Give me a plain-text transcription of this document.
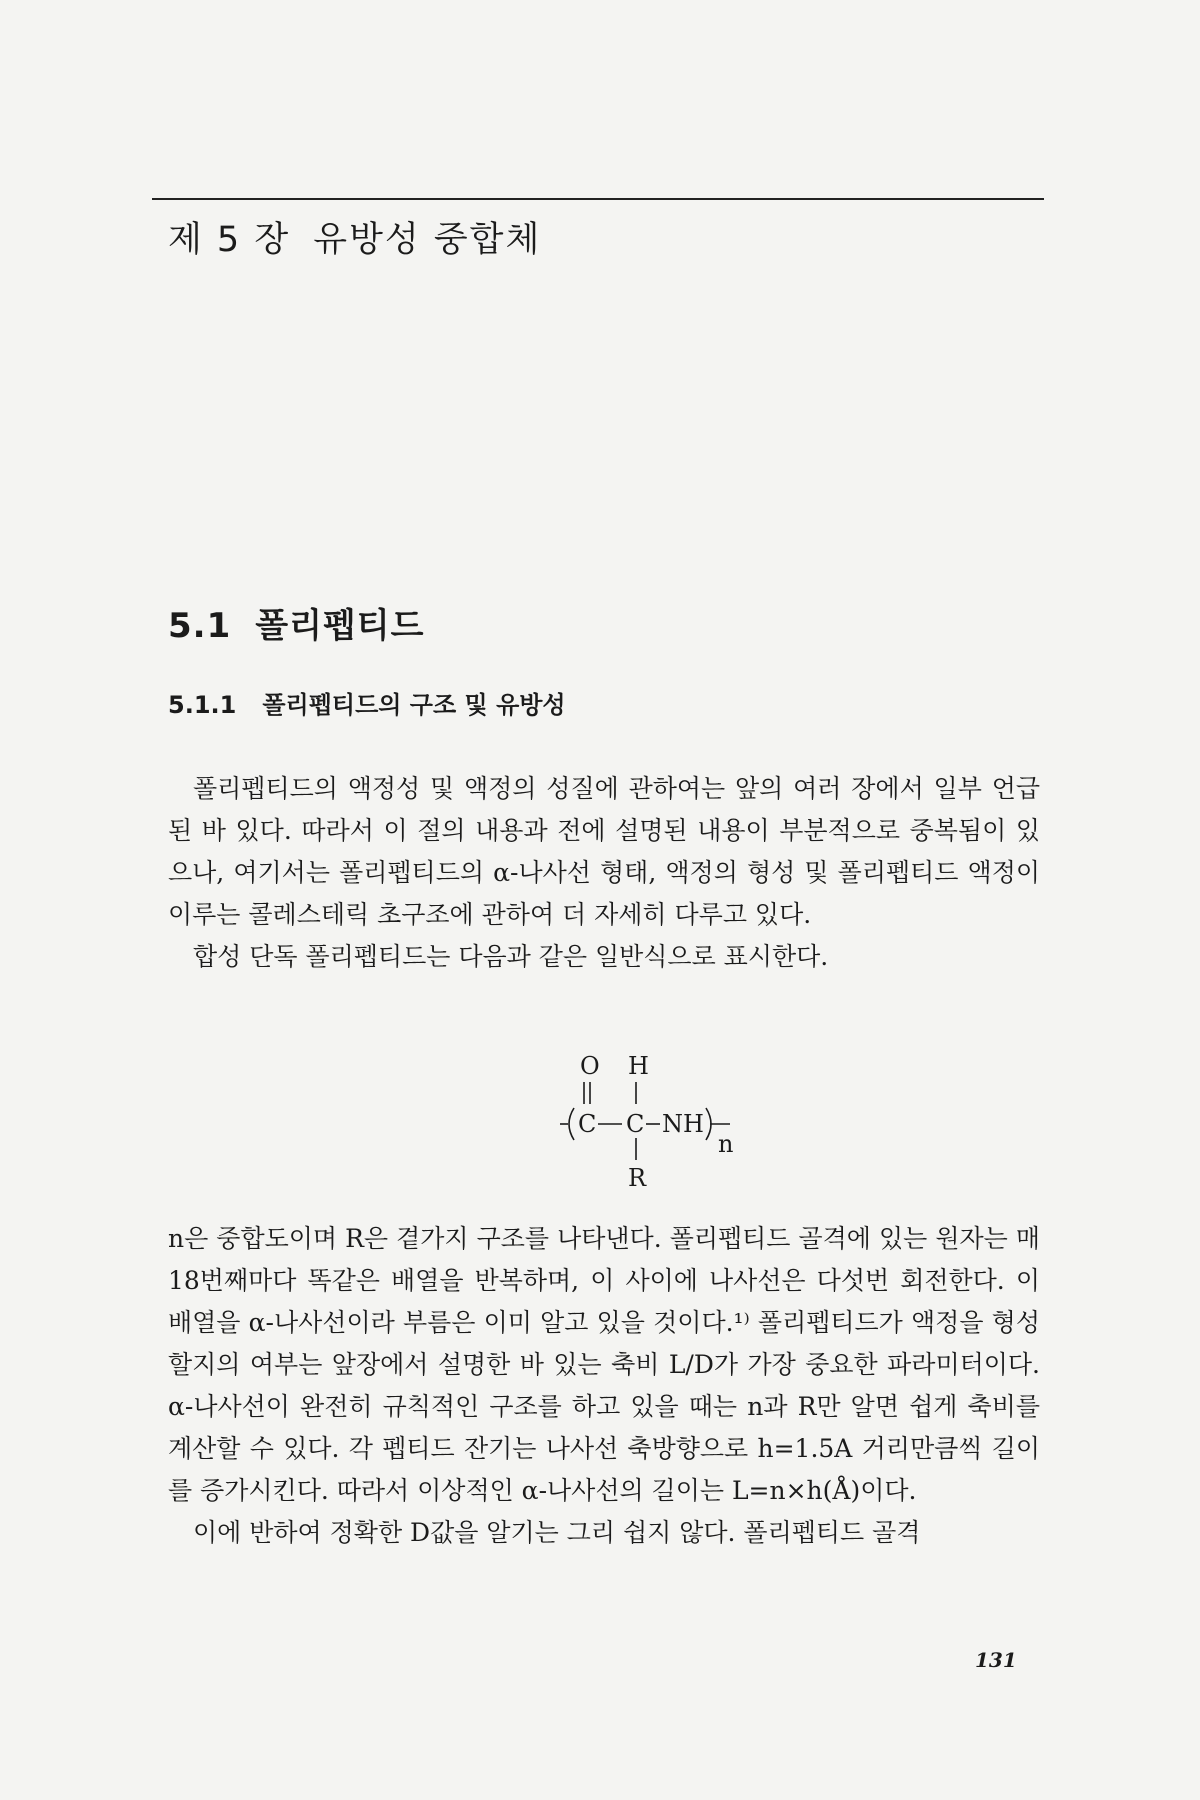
제 5 장 유방성 중합체
5.1 폴리펩티드
5.1.1 폴리펩티드의 구조 및 유방성

폴리펩티드의 액정성 및 액정의 성질에 관하여는 앞의 여러 장에서 일부 언급된 바 있다. 따라서 이 절의 내용과 전에 설명된 내용이 부분적으로 중복됨이 있으나, 여기서는 폴리펩티드의 α-나사선 형태, 액정의 형성 및 폴리펩티드 액정이 이루는 콜레스테릭 초구조에 관하여 더 자세히 다루고 있다.

합성 단독 폴리펩티드는 다음과 같은 일반식으로 표시한다.

O H
C C NH
n
R

n은 중합도이며 R은 곁가지 구조를 나타낸다. 폴리펩티드 골격에 있는 원자는 매 18번째마다 똑같은 배열을 반복하며, 이 사이에 나사선은 다섯번 회전한다. 이 배열을 α-나사선이라 부름은 이미 알고 있을 것이다.¹⁾ 폴리펩티드가 액정을 형성할지의 여부는 앞장에서 설명한 바 있는 축비 L/D가 가장 중요한 파라미터이다. α-나사선이 완전히 규칙적인 구조를 하고 있을 때는 n과 R만 알면 쉽게 축비를 계산할 수 있다. 각 펩티드 잔기는 나사선 축방향으로 h=1.5A 거리만큼씩 길이를 증가시킨다. 따라서 이상적인 α-나사선의 길이는 L=n×h(Å)이다.

이에 반하여 정확한 D값을 알기는 그리 쉽지 않다. 폴리펩티드 골격

131
